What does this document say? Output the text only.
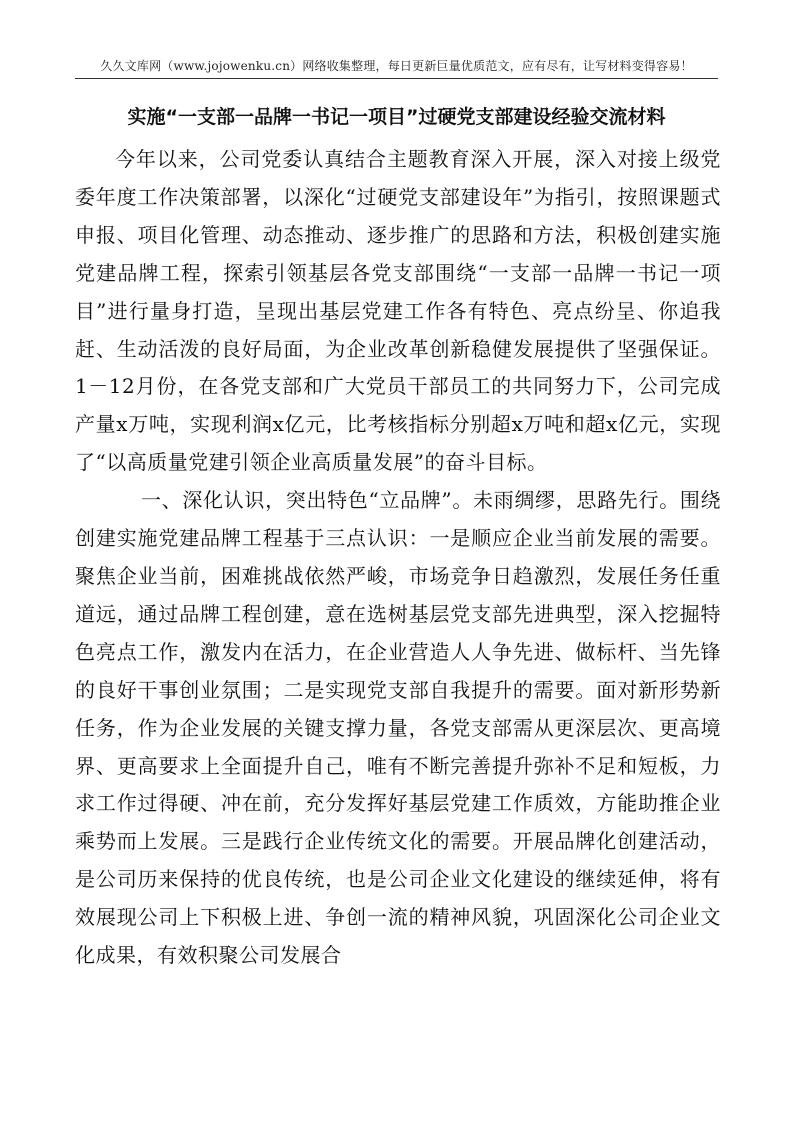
久久文库网（www.jojowenku.cn）网络收集整理，每日更新巨量优质范文，应有尽有，让写材料变得容易！
实施“一支部一品牌一书记一项目”过硬党支部建设经验交流材料

今年以来，公司党委认真结合主题教育深入开展，深入对接上级党委年度工作决策部署，以深化“过硬党支部建设年”为指引，按照课题式申报、项目化管理、动态推动、逐步推广的思路和方法，积极创建实施党建品牌工程，探索引领基层各党支部围绕“一支部一品牌一书记一项目”进行量身打造，呈现出基层党建工作各有特色、亮点纷呈、你追我赶、生动活泼的良好局面，为企业改革创新稳健发展提供了坚强保证。1－12月份，在各党支部和广大党员干部员工的共同努力下，公司完成产量x万吨，实现利润x亿元，比考核指标分别超x万吨和超x亿元，实现了“以高质量党建引领企业高质量发展”的奋斗目标。

一、深化认识，突出特色“立品牌”。未雨绸缪，思路先行。围绕创建实施党建品牌工程基于三点认识：一是顺应企业当前发展的需要。聚焦企业当前，困难挑战依然严峻，市场竞争日趋激烈，发展任务任重道远，通过品牌工程创建，意在选树基层党支部先进典型，深入挖掘特色亮点工作，激发内在活力，在企业营造人人争先进、做标杆、当先锋的良好干事创业氛围；二是实现党支部自我提升的需要。面对新形势新任务，作为企业发展的关键支撑力量，各党支部需从更深层次、更高境界、更高要求上全面提升自己，唯有不断完善提升弥补不足和短板，力求工作过得硬、冲在前，充分发挥好基层党建工作质效，方能助推企业乘势而上发展。三是践行企业传统文化的需要。开展品牌化创建活动，是公司历来保持的优良传统，也是公司企业文化建设的继续延伸，将有效展现公司上下积极上进、争创一流的精神风貌，巩固深化公司企业文化成果，有效积聚公司发展合
